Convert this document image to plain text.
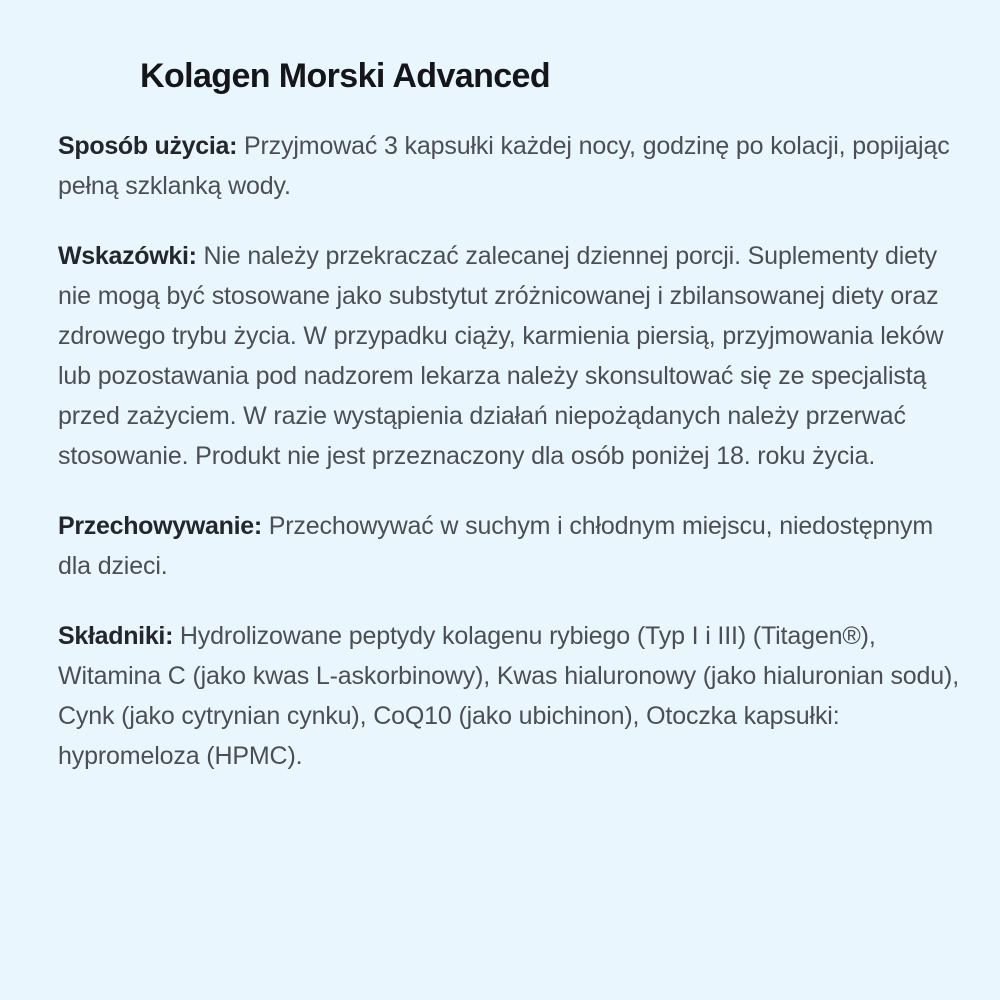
Kolagen Morski Advanced

Sposób użycia: Przyjmować 3 kapsułki każdej nocy, godzinę po kolacji, popijając pełną szklanką wody.

Wskazówki: Nie należy przekraczać zalecanej dziennej porcji. Suplementy diety nie mogą być stosowane jako substytut zróżnicowanej i zbilansowanej diety oraz zdrowego trybu życia. W przypadku ciąży, karmienia piersią, przyjmowania leków lub pozostawania pod nadzorem lekarza należy skonsultować się ze specjalistą przed zażyciem. W razie wystąpienia działań niepożądanych należy przerwać stosowanie. Produkt nie jest przeznaczony dla osób poniżej 18. roku życia.

Przechowywanie: Przechowywać w suchym i chłodnym miejscu, niedostępnym dla dzieci.

Składniki: Hydrolizowane peptydy kolagenu rybiego (Typ I i III) (Titagen®), Witamina C (jako kwas L-askorbinowy), Kwas hialuronowy (jako hialuronian sodu), Cynk (jako cytrynian cynku), CoQ10 (jako ubichinon), Otoczka kapsułki: hypromeloza (HPMC).
